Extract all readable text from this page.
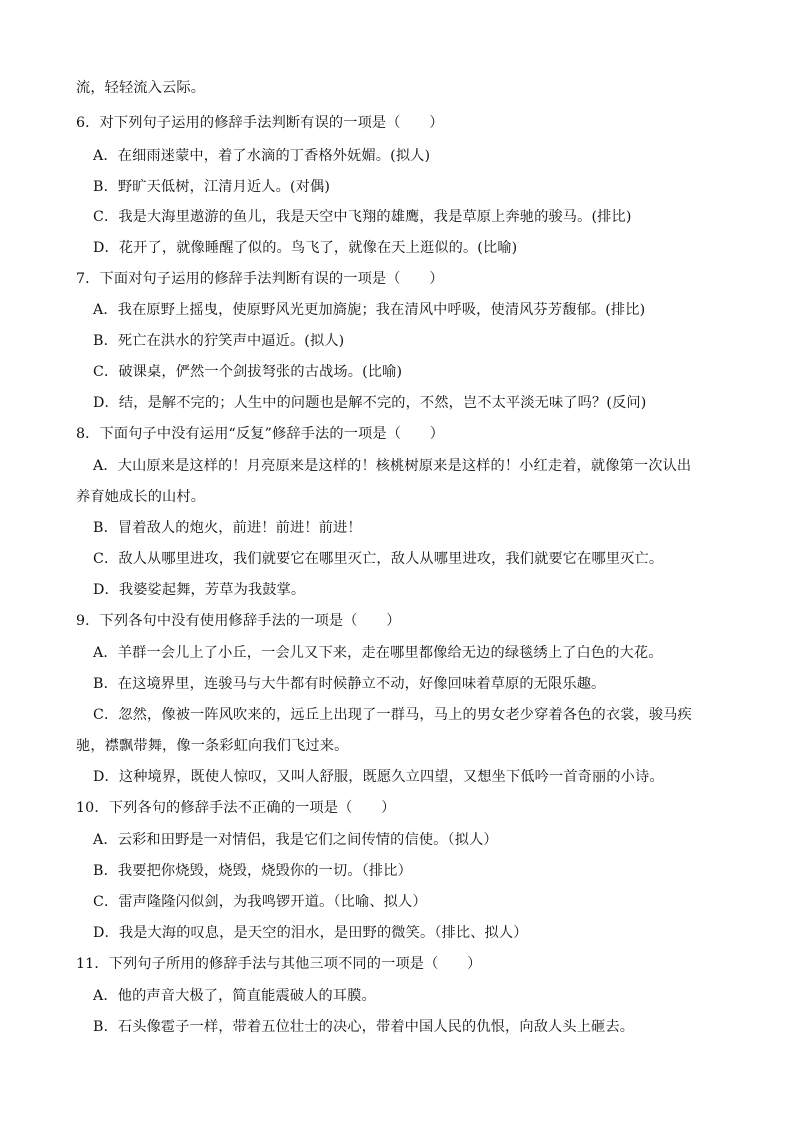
流，轻轻流入云际。
6．对下列句子运用的修辞手法判断有误的一项是（　　）
A．在细雨迷蒙中，着了水滴的丁香格外妩媚。(拟人)
B．野旷天低树，江清月近人。(对偶)
C．我是大海里遨游的鱼儿，我是天空中飞翔的雄鹰，我是草原上奔驰的骏马。(排比)
D．花开了，就像睡醒了似的。鸟飞了，就像在天上逛似的。(比喻)
7．下面对句子运用的修辞手法判断有误的一项是（　　）
A．我在原野上摇曳，使原野风光更加旖旎；我在清风中呼吸，使清风芬芳馥郁。(排比)
B．死亡在洪水的狞笑声中逼近。(拟人)
C．破课桌，俨然一个剑拔弩张的古战场。(比喻)
D．结，是解不完的；人生中的问题也是解不完的，不然，岂不太平淡无味了吗？(反问)
8．下面句子中没有运用“反复”修辞手法的一项是（　　）
A．大山原来是这样的！月亮原来是这样的！核桃树原来是这样的！小红走着，就像第一次认出
养育她成长的山村。
B．冒着敌人的炮火，前进！前进！前进！
C．敌人从哪里进攻，我们就要它在哪里灭亡，敌人从哪里进攻，我们就要它在哪里灭亡。
D．我婆娑起舞，芳草为我鼓掌。
9．下列各句中没有使用修辞手法的一项是（　　）
A．羊群一会儿上了小丘，一会儿又下来，走在哪里都像给无边的绿毯绣上了白色的大花。
B．在这境界里，连骏马与大牛都有时候静立不动，好像回味着草原的无限乐趣。
C．忽然，像被一阵风吹来的，远丘上出现了一群马，马上的男女老少穿着各色的衣裳，骏马疾
驰，襟飘带舞，像一条彩虹向我们飞过来。
D．这种境界，既使人惊叹，又叫人舒服，既愿久立四望，又想坐下低吟一首奇丽的小诗。
10．下列各句的修辞手法不正确的一项是（　　）
A．云彩和田野是一对情侣，我是它们之间传情的信使。（拟人）
B．我要把你烧毁，烧毁，烧毁你的一切。（排比）
C．雷声隆隆闪似剑，为我鸣锣开道。（比喻、拟人）
D．我是大海的叹息，是天空的泪水，是田野的微笑。（排比、拟人）
11．下列句子所用的修辞手法与其他三项不同的一项是（　　）
A．他的声音大极了，简直能震破人的耳膜。
B．石头像雹子一样，带着五位壮士的决心，带着中国人民的仇恨，向敌人头上砸去。
